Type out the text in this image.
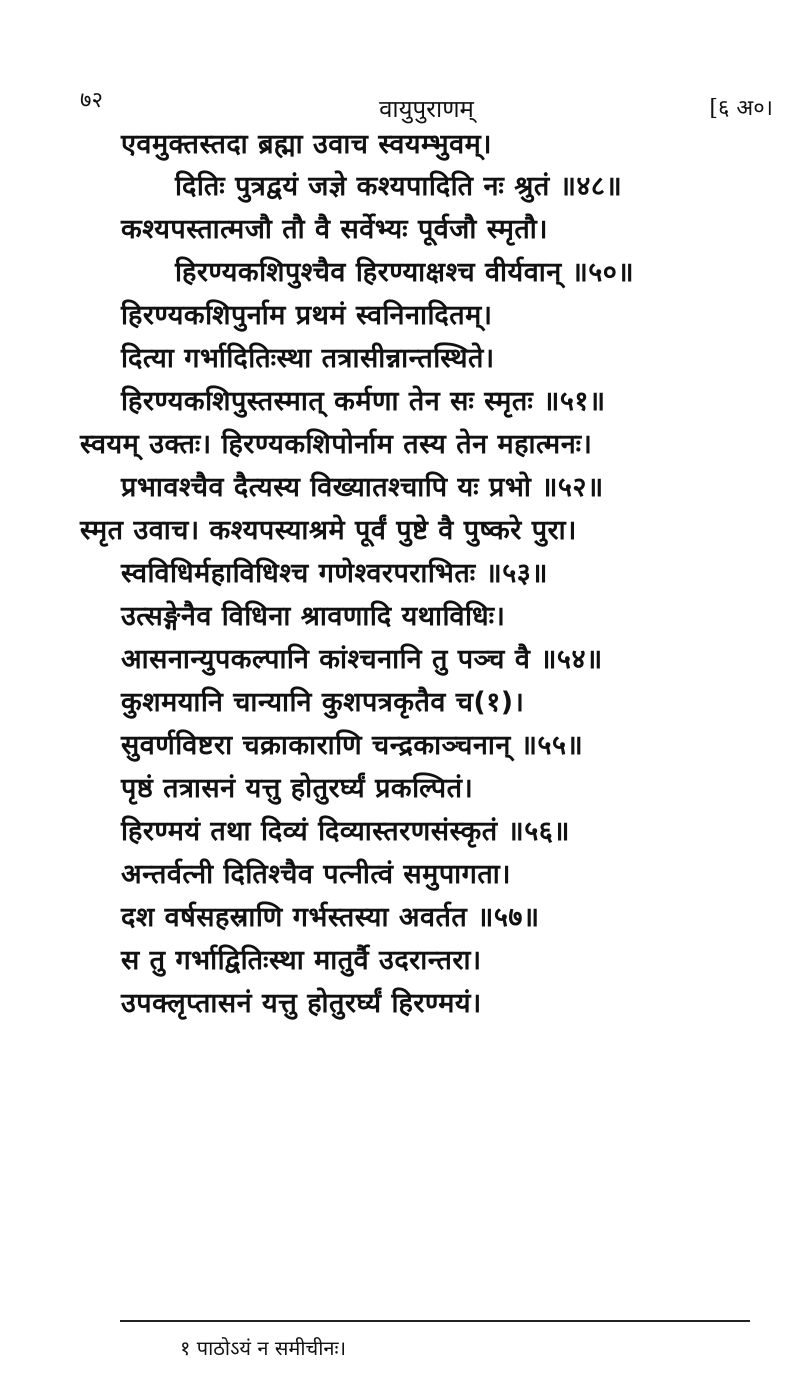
७२	वायुपुराणम्	[६ अ०।
एवमुक्तस्तदा ब्रह्मा उवाच स्वयम्भुवम्।
दितिः पुत्रद्वयं जज्ञे कश्यपादिति नः श्रुतं ॥४८॥
कश्यपस्तात्मजौ तौ वै सर्वेभ्यः पूर्वजौ स्मृतौ।
हिरण्यकशिपुश्चैव हिरण्याक्षश्च वीर्यवान् ॥५०॥
हिरण्यकशिपुर्नाम प्रथमं स्वनिनादितम्।
दित्या गर्भादितिःस्था तत्रासीन्नान्तस्थिते।
हिरण्यकशिपुस्तस्मात् कर्मणा तेन सः स्मृतः ॥५१॥
स्वयम् उक्तः। हिरण्यकशिपोर्नाम तस्य तेन महात्मनः।
प्रभावश्चैव दैत्यस्य विख्यातश्चापि यः प्रभो ॥५२॥
स्मृत उवाच। कश्यपस्याश्रमे पूर्वं पुष्टे वै पुष्करे पुरा।
स्वविधिर्महाविधिश्च गणेश्वरपराभितः ॥५३॥
उत्सङ्गेनैव विधिना श्रावणादि यथाविधिः।
आसनान्युपकल्पानि कांश्चनानि तु पञ्च वै ॥५४॥
कुशमयानि चान्यानि कुशपत्रकृतैव च(१)।
सुवर्णविष्टरा चक्राकाराणि चन्द्रकाञ्चनान् ॥५५॥
पृष्ठं तत्रासनं यत्तु होतुरर्घ्यं प्रकल्पितं।
हिरण्मयं तथा दिव्यं दिव्यास्तरणसंस्कृतं ॥५६॥
अन्तर्वत्नी दितिश्चैव पत्नीत्वं समुपागता।
दश वर्षसहस्राणि गर्भस्तस्या अवर्तत ॥५७॥
स तु गर्भाद्वितिःस्था मातुर्वै उदरान्तरा।
उपक्लृप्तासनं यत्तु होतुरर्घ्यं हिरण्मयं।
१ पाठोऽयं न समीचीनः।
